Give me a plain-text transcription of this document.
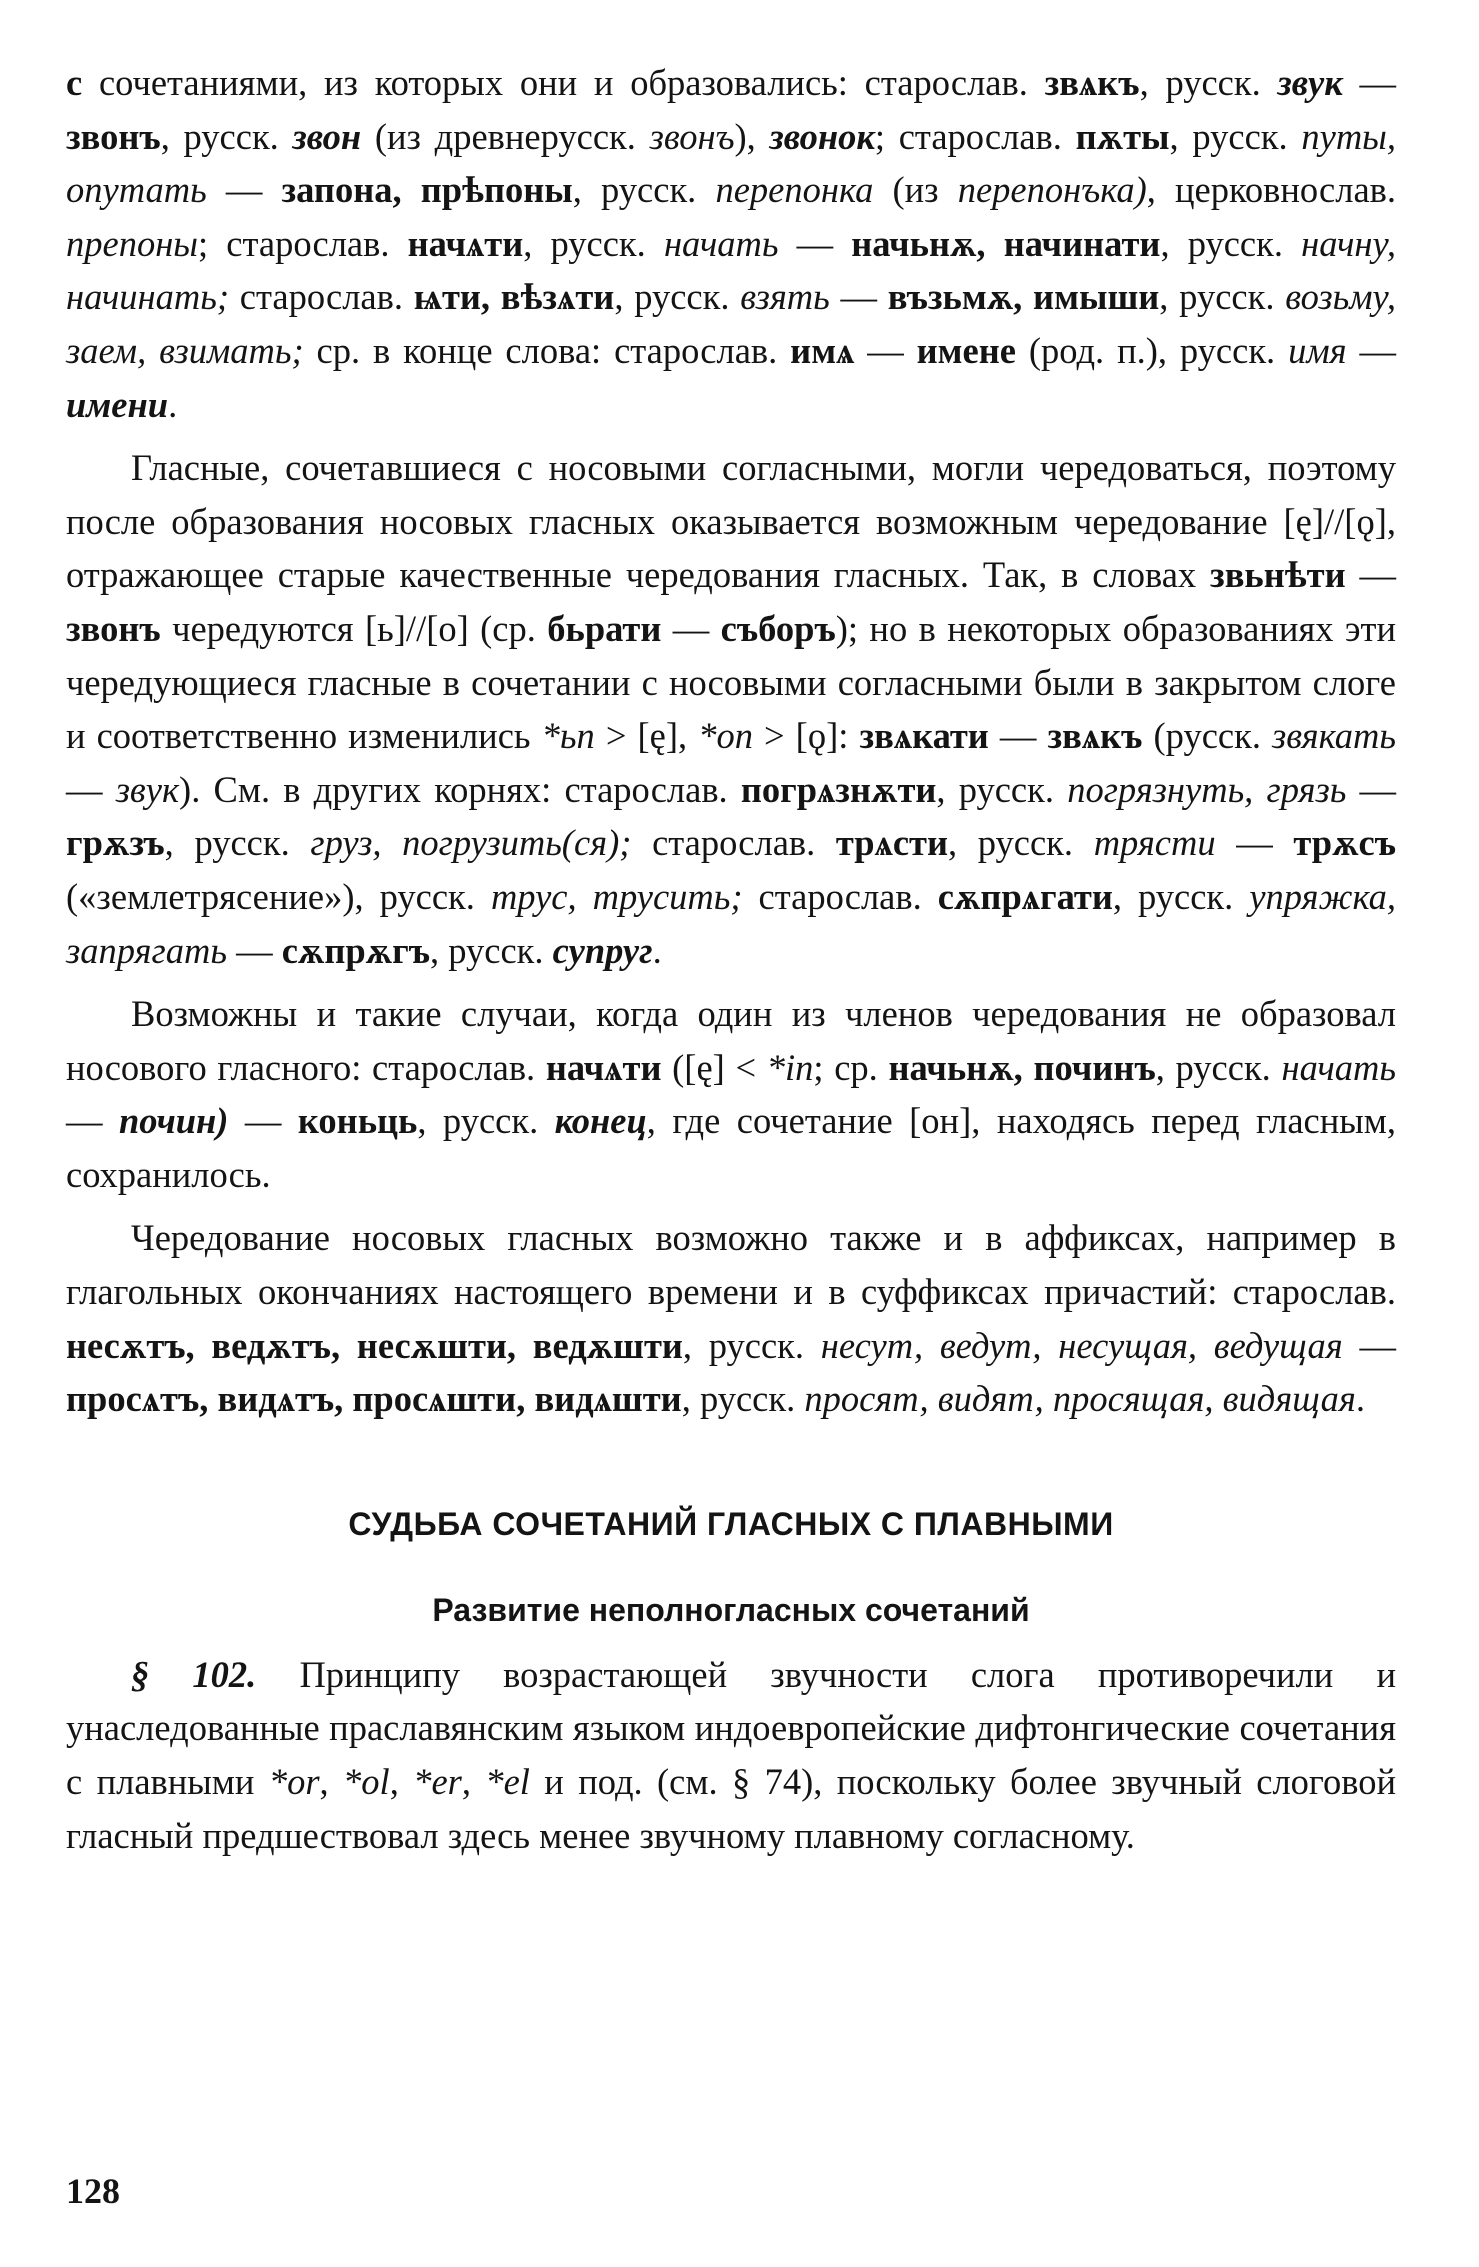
с сочетаниями, из которых они и образовались: старослав. звѧкъ, русск. звук — звонъ, русск. звон (из древнерусск. звонъ), звонок; старослав. пѫты, русск. путы, опутать — запона, прѣпоны, русск. перепонка (из перепонъка), церковнослав. препоны; старослав. начѧти, русск. начать — начьнѫ, начинати, русск. начну, начинать; старослав. ѩти, вѣзѧти, русск. взять — възьмѫ, имыши, русск. возьму, заем, взимать; ср. в конце слова: старослав. имѧ — имене (род. п.), русск. имя — имени.

Гласные, сочетавшиеся с носовыми согласными, могли чередоваться, поэтому после образования носовых гласных оказывается возможным чередование [ę]//[ǫ], отражающее старые качественные чередования гласных. Так, в словах звьнѣти — звонъ чередуются [ь]//[о] (ср. бьрати — съборъ); но в некоторых образованиях эти чередующиеся гласные в сочетании с носовыми согласными были в закрытом слоге и соответственно изменились *ьn > [ę], *on > [ǫ]: звѧкати — звѧкъ (русск. звякать — звук). См. в других корнях: старослав. погрѧзнѫти, русск. погрязнуть, грязь — грѫзъ, русск. груз, погрузить(ся); старослав. трѧсти, русск. трясти — трѫсъ («землетрясение»), русск. трус, трусить; старослав. сѫпрѧгати, русск. упряжка, запрягать — сѫпрѫгъ, русск. супруг.

Возможны и такие случаи, когда один из членов чередования не образовал носового гласного: старослав. начѧти ([ę] < *in; ср. начьнѫ, починъ, русск. начать — почин) — коньць, русск. конец, где сочетание [он], находясь перед гласным, сохранилось.

Чередование носовых гласных возможно также и в аффиксах, например в глагольных окончаниях настоящего времени и в суффиксах причастий: старослав. несѫтъ, ведѫтъ, несѫшти, ведѫшти, русск. несут, ведут, несущая, ведущая — просѧтъ, видѧтъ, просѧшти, видѧшти, русск. просят, видят, просящая, видящая.

СУДЬБА СОЧЕТАНИЙ ГЛАСНЫХ С ПЛАВНЫМИ
Развитие неполногласных сочетаний

§ 102. Принципу возрастающей звучности слога противоречили и унаследованные праславянским языком индоевропейские дифтонгические сочетания с плавными *or, *ol, *er, *el и под. (см. § 74), поскольку более звучный слоговой гласный предшествовал здесь менее звучному плавному согласному.

128
